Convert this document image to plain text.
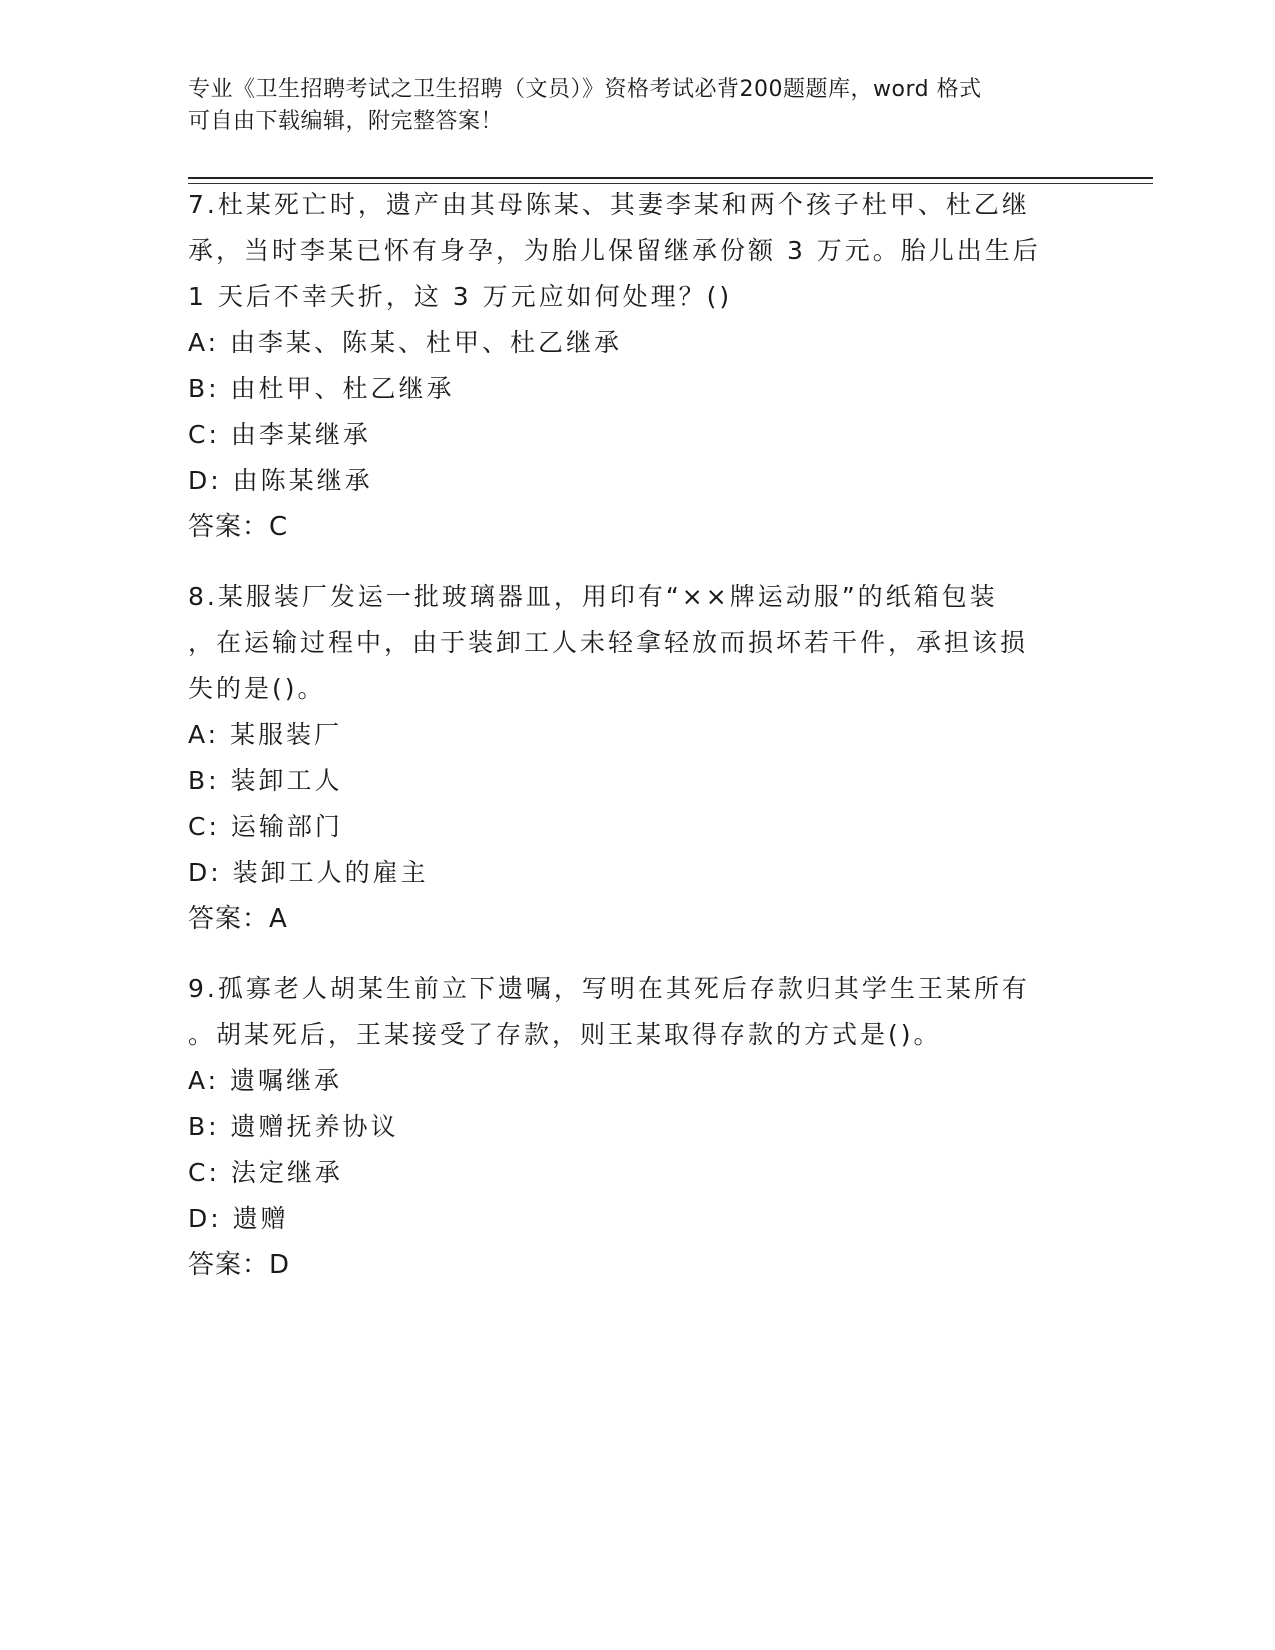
专业《卫生招聘考试之卫生招聘（文员）》资格考试必背200题题库，word 格式
可自由下载编辑，附完整答案！

7.杜某死亡时，遗产由其母陈某、其妻李某和两个孩子杜甲、杜乙继

承，当时李某已怀有身孕，为胎儿保留继承份额 3 万元。胎儿出生后

1 天后不幸夭折，这 3 万元应如何处理？()

A: 由李某、陈某、杜甲、杜乙继承

B: 由杜甲、杜乙继承

C: 由李某继承

D: 由陈某继承

答案：C

8.某服装厂发运一批玻璃器皿，用印有“××牌运动服”的纸箱包装

，在运输过程中，由于装卸工人未轻拿轻放而损坏若干件，承担该损

失的是()。

A: 某服装厂

B: 装卸工人

C: 运输部门

D: 装卸工人的雇主

答案：A

9.孤寡老人胡某生前立下遗嘱，写明在其死后存款归其学生王某所有

。胡某死后，王某接受了存款，则王某取得存款的方式是()。

A: 遗嘱继承

B: 遗赠抚养协议

C: 法定继承

D: 遗赠

答案：D
